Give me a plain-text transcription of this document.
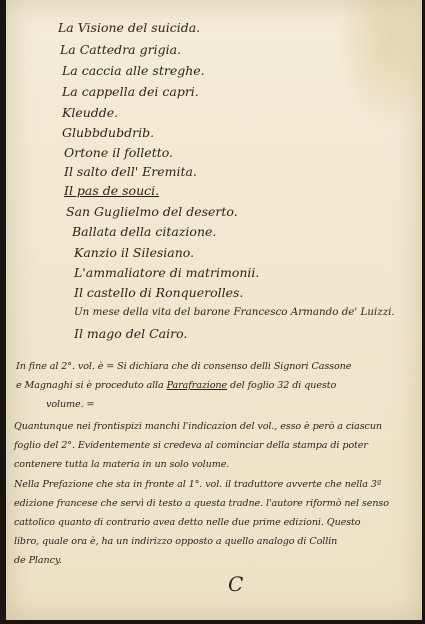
La Visione del suicida.
La Cattedra grigia.
La caccia alle streghe.
La cappella dei capri.
Kleudde.
Glubbdubdrib.
Ortone il folletto.
Il salto dell' Eremita.
Il pas de souci.
San Guglielmo del deserto.
Ballata della citazione.
Kanzio il Silesiano.
L'ammaliatore di matrimonii.
Il castello di Ronquerolles.
Un mese della vita del barone Francesco Armando de' Luizzi.
Il mago del Cairo.
In fine al 2°. vol. è = Si dichiara che di consenso delli Signori Cassone
e Magnaghi si è proceduto alla Parafrazione del foglio 32 di questo
volume. =
Quantunque nei frontispizi manchi l'indicazion del vol., esso è però a ciascun
foglio del 2°. Evidentemente si credeva al cominciar della stampa di poter
contenere tutta la materia in un solo volume.
Nella Prefazione che sta in fronte al 1°. vol. il traduttore avverte che nella 3ª
edizione francese che servì di testo a questa tradne. l'autore riformò nel senso
cattolico quanto di contrario avea detto nelle due prime edizioni. Questo
libro, quale ora è, ha un indirizzo opposto a quello analogo di Collin
de Plancy.
C
